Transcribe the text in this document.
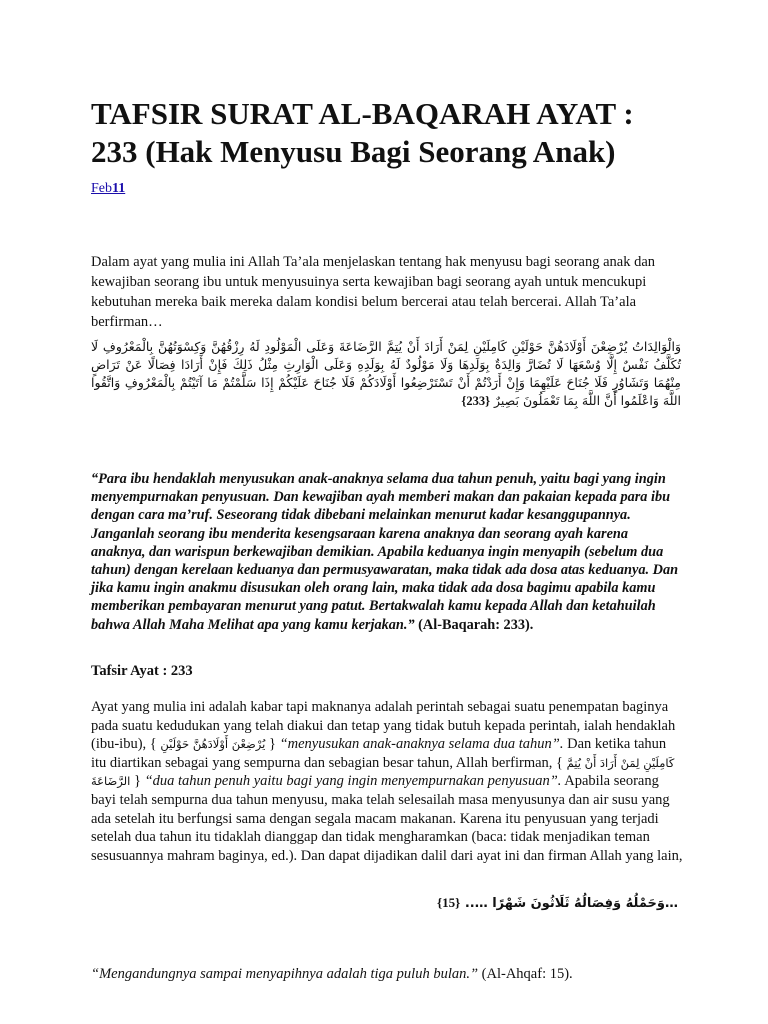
TAFSIR SURAT AL-BAQARAH AYAT : 233 (Hak Menyusu Bagi Seorang Anak)
Feb11

Dalam ayat yang mulia ini Allah Ta’ala menjelaskan tentang hak menyusu bagi seorang anak dan kewajiban seorang ibu untuk menyusuinya serta kewajiban bagi seorang ayah untuk mencukupi kebutuhan mereka baik mereka dalam kondisi belum bercerai atau telah bercerai. Allah Ta’ala berfirman…

وَالْوَالِدَاتُ يُرْضِعْنَ أَوْلَادَهُنَّ حَوْلَيْنِ كَامِلَيْنِ لِمَنْ أَرَادَ أَنْ يُتِمَّ الرَّضَاعَةَ وَعَلَى الْمَوْلُودِ لَهُ رِزْقُهُنَّ وَكِسْوَتُهُنَّ بِالْمَعْرُوفِ لَا تُكَلَّفُ نَفْسٌ إِلَّا وُسْعَهَا لَا تُضَارَّ وَالِدَةٌ بِوَلَدِهَا وَلَا مَوْلُودٌ لَهُ بِوَلَدِهِ وَعَلَى الْوَارِثِ مِثْلُ ذَلِكَ فَإِنْ أَرَادَا فِصَالًا عَنْ تَرَاضٍ مِنْهُمَا وَتَشَاوُرٍ فَلَا جُنَاحَ عَلَيْهِمَا وَإِنْ أَرَدْتُمْ أَنْ تَسْتَرْضِعُوا أَوْلَادَكُمْ فَلَا جُنَاحَ عَلَيْكُمْ إِذَا سَلَّمْتُمْ مَا آتَيْتُمْ بِالْمَعْرُوفِ وَاتَّقُوا اللَّهَ وَاعْلَمُوا أَنَّ اللَّهَ بِمَا تَعْمَلُونَ بَصِيرٌ {233}

“Para ibu hendaklah menyusukan anak-anaknya selama dua tahun penuh, yaitu bagi yang ingin menyempurnakan penyusuan. Dan kewajiban ayah memberi makan dan pakaian kepada para ibu dengan cara ma’ruf. Seseorang tidak dibebani melainkan menurut kadar kesanggupannya. Janganlah seorang ibu menderita kesengsaraan karena anaknya dan seorang ayah karena anaknya, dan warispun berkewajiban demikian. Apabila keduanya ingin menyapih (sebelum dua tahun) dengan kerelaan keduanya dan permusyawaratan, maka tidak ada dosa atas keduanya. Dan jika kamu ingin anakmu disusukan oleh orang lain, maka tidak ada dosa bagimu apabila kamu memberikan pembayaran menurut yang patut. Bertakwalah kamu kepada Allah dan ketahuilah bahwa Allah Maha Melihat apa yang kamu kerjakan.” (Al-Baqarah: 233).

Tafsir Ayat : 233

Ayat yang mulia ini adalah kabar tapi maknanya adalah perintah sebagai suatu penempatan baginya pada suatu kedudukan yang telah diakui dan tetap yang tidak butuh kepada perintah, ialah hendaklah (ibu-ibu), { يُرْضِعْنَ أَوْلَادَهُنَّ حَوْلَيْنِ } “menyusukan anak-anaknya selama dua tahun”. Dan ketika tahun itu diartikan sebagai yang sempurna dan sebagian besar tahun, Allah berfirman, { كَامِلَيْنِ لِمَنْ أَرَادَ أَنْ يُتِمَّ الرَّضَاعَةَ } “dua tahun penuh yaitu bagi yang ingin menyempurnakan penyusuan”. Apabila seorang bayi telah sempurna dua tahun menyusu, maka telah selesailah masa menyusunya dan air susu yang ada setelah itu berfungsi sama dengan segala macam makanan. Karena itu penyusuan yang terjadi setelah dua tahun itu tidaklah dianggap dan tidak mengharamkan (baca: tidak menjadikan teman sesusuannya mahram baginya, ed.). Dan dapat dijadikan dalil dari ayat ini dan firman Allah yang lain,

…وَحَمْلُهُ وَفِصَالُهُ ثَلَاثُونَ شَهْرًا ….. {15}

“Mengandungnya sampai menyapihnya adalah tiga puluh bulan.” (Al-Ahqaf: 15).
